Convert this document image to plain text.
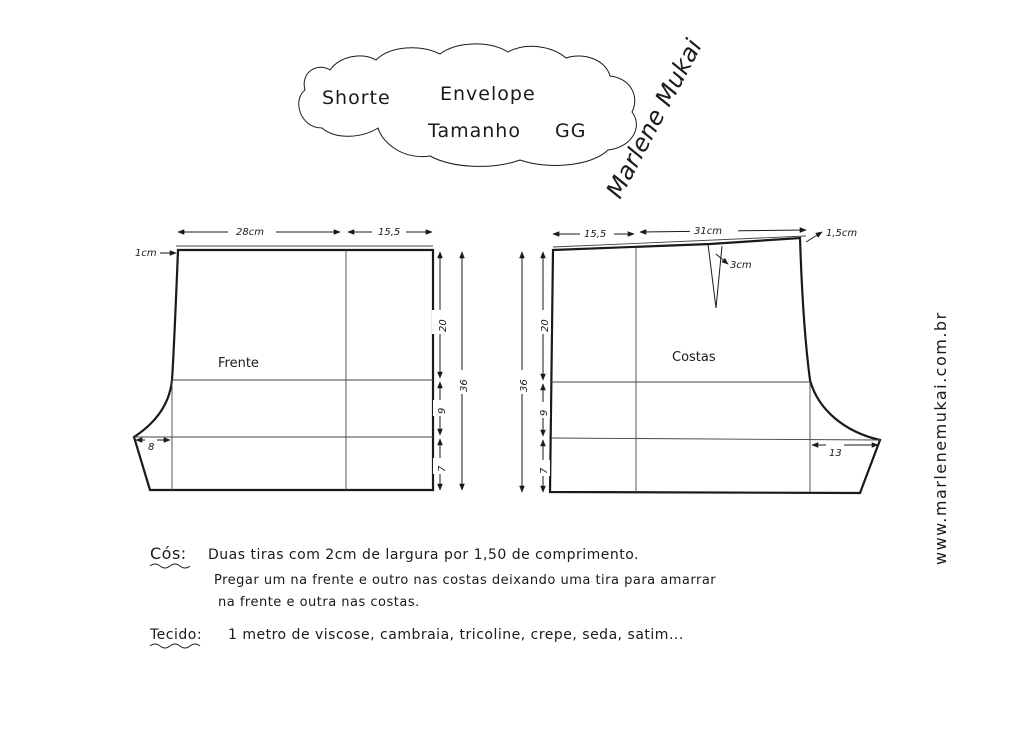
Shorte	Envelope
Tamanho GG Marlene Mukai
www.marlenemukai.com.br
28cm	15,5
1cm
20
9
7
36
8
Frente
3cm
15,5	31cm	1,5cm
20
9
7
36
13
Costas
Cós: Duas tiras com 2cm de largura por 1,50 de comprimento.
Pregar um na frente e outro nas costas deixando uma tira para amarrar
na frente e outra nas costas.
Tecido: 1 metro de viscose, cambraia, tricoline, crepe, seda, satim...
